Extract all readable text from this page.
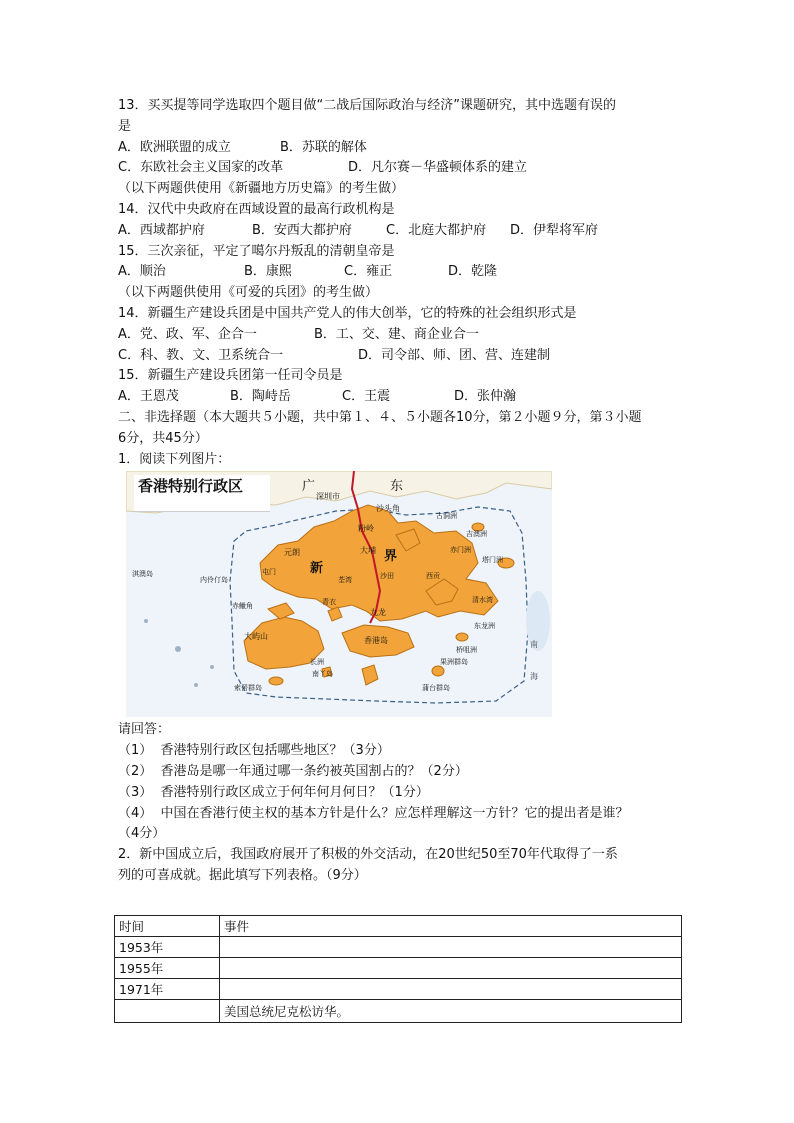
13．买买提等同学选取四个题目做“二战后国际政治与经济”课题研究，其中选题有误的
是
A．欧洲联盟的成立	B．苏联的解体
C．东欧社会主义国家的改革	D．凡尔赛－华盛顿体系的建立
（以下两题供使用《新疆地方历史篇》的考生做）
14．汉代中央政府在西域设置的最高行政机构是
A．西域都护府	B．安西大都护府	C．北庭大都护府 D．伊犁将军府
15．三次亲征，平定了噶尔丹叛乱的清朝皇帝是
A．顺治	B．康熙	C．雍正	D．乾隆
（以下两题供使用《可爱的兵团》的考生做）
14．新疆生产建设兵团是中国共产党人的伟大创举，它的特殊的社会组织形式是
A．党、政、军、企合一	B．工、交、建、商企业合一
C．科、教、文、卫系统合一	D．司令部、师、团、营、连建制
15．新疆生产建设兵团第一任司令员是
A．王恩茂	B．陶峙岳	C．王震	D．张仲瀚
二、非选择题（本大题共５小题，共中第１、４、５小题各10分，第２小题９分，第３小题
6分，共45分）
1．阅读下列图片：
香港特别行政区	广	东
深圳市
沙头角
古洞洲
粉岭
吉澳洲
赤门洲
元朗
新
界
大埔
屯门
荃湾	西贡
淇澳岛
内伶仃岛
清水湾
青衣
赤鱲角
九龙
东龙洲
大屿山	香港岛	南
长洲
桥咀洲
南丫岛
果洲群岛
海
索罟群岛	蒲台群岛
沙田
塔门洲
请回答：
（1） 香港特别行政区包括哪些地区？（3分）
（2） 香港岛是哪一年通过哪一条约被英国割占的？（2分）
（3） 香港特别行政区成立于何年何月何日？（1分）
（4） 中国在香港行使主权的基本方针是什么？应怎样理解这一方针？它的提出者是谁？
（4分）
2．新中国成立后，我国政府展开了积极的外交活动，在20世纪50至70年代取得了一系
列的可喜成就。据此填写下列表格。（9分）
时间	事件
1953年	
1955年	
1971年	
	美国总统尼克松访华。
